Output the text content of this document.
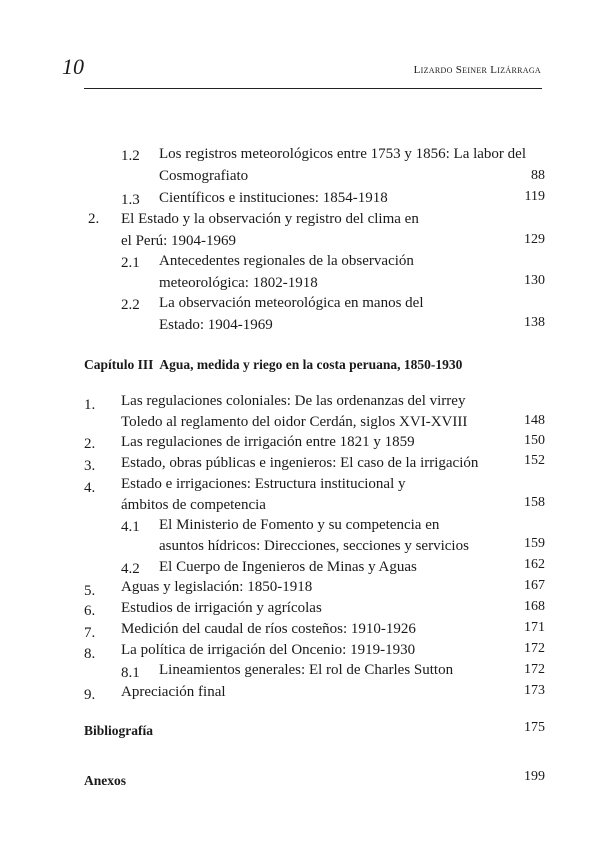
10	Lizardo Seiner Lizárraga
1.2 Los registros meteorológicos entre 1753 y 1856: La labor del
Cosmografiato	88
1.3 Científicos e instituciones: 1854-1918	119
2. El Estado y la observación y registro del clima en
el Perú: 1904-1969	129
2.1 Antecedentes regionales de la observación
meteorológica: 1802-1918	130
2.2 La observación meteorológica en manos del
Estado: 1904-1969	138
Capítulo III Agua, medida y riego en la costa peruana, 1850-1930
1. Las regulaciones coloniales: De las ordenanzas del virrey
Toledo al reglamento del oidor Cerdán, siglos XVI-XVIII	148
2. Las regulaciones de irrigación entre 1821 y 1859	150
3. Estado, obras públicas e ingenieros: El caso de la irrigación	152
4. Estado e irrigaciones: Estructura institucional y
ámbitos de competencia	158
4.1 El Ministerio de Fomento y su competencia en
asuntos hídricos: Direcciones, secciones y servicios	159
4.2 El Cuerpo de Ingenieros de Minas y Aguas	162
5. Aguas y legislación: 1850-1918	167
6. Estudios de irrigación y agrícolas	168
7. Medición del caudal de ríos costeños: 1910-1926	171
8. La política de irrigación del Oncenio: 1919-1930	172
8.1 Lineamientos generales: El rol de Charles Sutton	172
9. Apreciación final	173
Bibliografía	175
Anexos	199
